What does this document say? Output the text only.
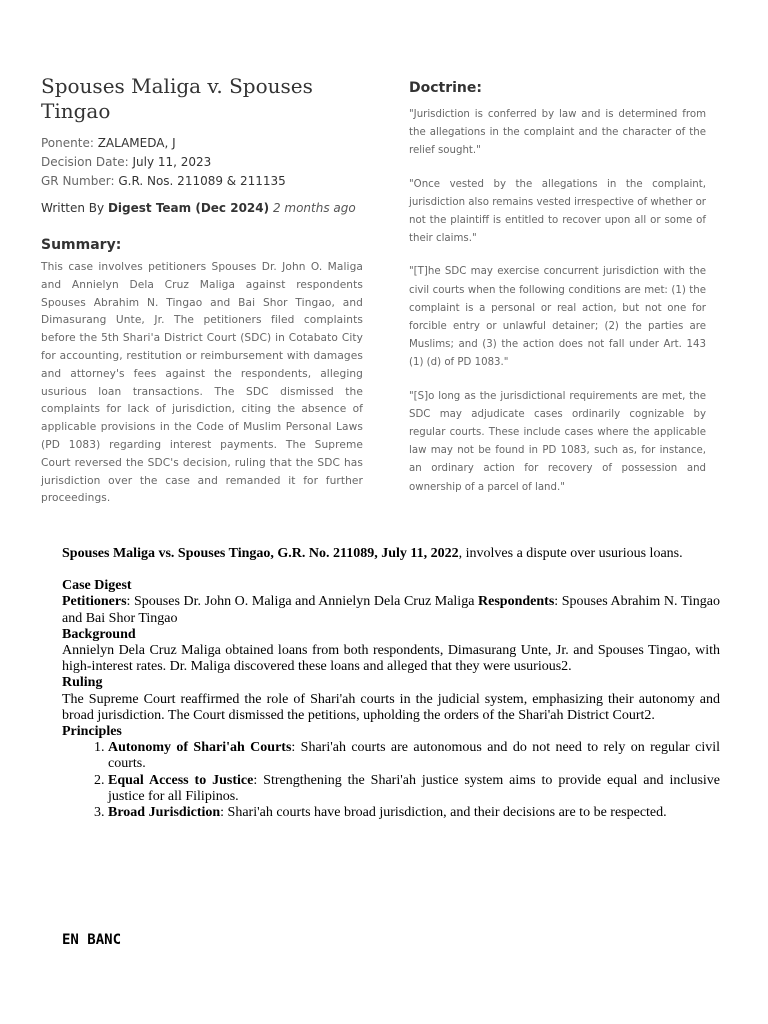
Spouses Maliga v. Spouses Tingao
Ponente: ZALAMEDA, J
Decision Date: July 11, 2023
GR Number: G.R. Nos. 211089 & 211135
Written By Digest Team (Dec 2024) 2 months ago
Summary:
This case involves petitioners Spouses Dr. John O. Maliga and Annielyn Dela Cruz Maliga against respondents Spouses Abrahim N. Tingao and Bai Shor Tingao, and Dimasurang Unte, Jr. The petitioners filed complaints before the 5th Shari'a District Court (SDC) in Cotabato City for accounting, restitution or reimbursement with damages and attorney's fees against the respondents, alleging usurious loan transactions. The SDC dismissed the complaints for lack of jurisdiction, citing the absence of applicable provisions in the Code of Muslim Personal Laws (PD 1083) regarding interest payments. The Supreme Court reversed the SDC's decision, ruling that the SDC has jurisdiction over the case and remanded it for further proceedings.
Doctrine:

"Jurisdiction is conferred by law and is determined from the allegations in the complaint and the character of the relief sought."

"Once vested by the allegations in the complaint, jurisdiction also remains vested irrespective of whether or not the plaintiff is entitled to recover upon all or some of their claims."

"[T]he SDC may exercise concurrent jurisdiction with the civil courts when the following conditions are met: (1) the complaint is a personal or real action, but not one for forcible entry or unlawful detainer; (2) the parties are Muslims; and (3) the action does not fall under Art. 143 (1) (d) of PD 1083."

"[S]o long as the jurisdictional requirements are met, the SDC may adjudicate cases ordinarily cognizable by regular courts. These include cases where the applicable law may not be found in PD 1083, such as, for instance, an ordinary action for recovery of possession and ownership of a parcel of land."

Spouses Maliga vs. Spouses Tingao, G.R. No. 211089, July 11, 2022, involves a dispute over usurious loans.

Case Digest

Petitioners: Spouses Dr. John O. Maliga and Annielyn Dela Cruz Maliga Respondents: Spouses Abrahim N. Tingao and Bai Shor Tingao

Background

Annielyn Dela Cruz Maliga obtained loans from both respondents, Dimasurang Unte, Jr. and Spouses Tingao, with high-interest rates. Dr. Maliga discovered these loans and alleged that they were usurious2.

Ruling

The Supreme Court reaffirmed the role of Shari'ah courts in the judicial system, emphasizing their autonomy and broad jurisdiction. The Court dismissed the petitions, upholding the orders of the Shari'ah District Court2.

Principles

1. Autonomy of Shari'ah Courts: Shari'ah courts are autonomous and do not need to rely on regular civil courts.
2. Equal Access to Justice: Strengthening the Shari'ah justice system aims to provide equal and inclusive justice for all Filipinos.
3. Broad Jurisdiction: Shari'ah courts have broad jurisdiction, and their decisions are to be respected.
EN BANC
